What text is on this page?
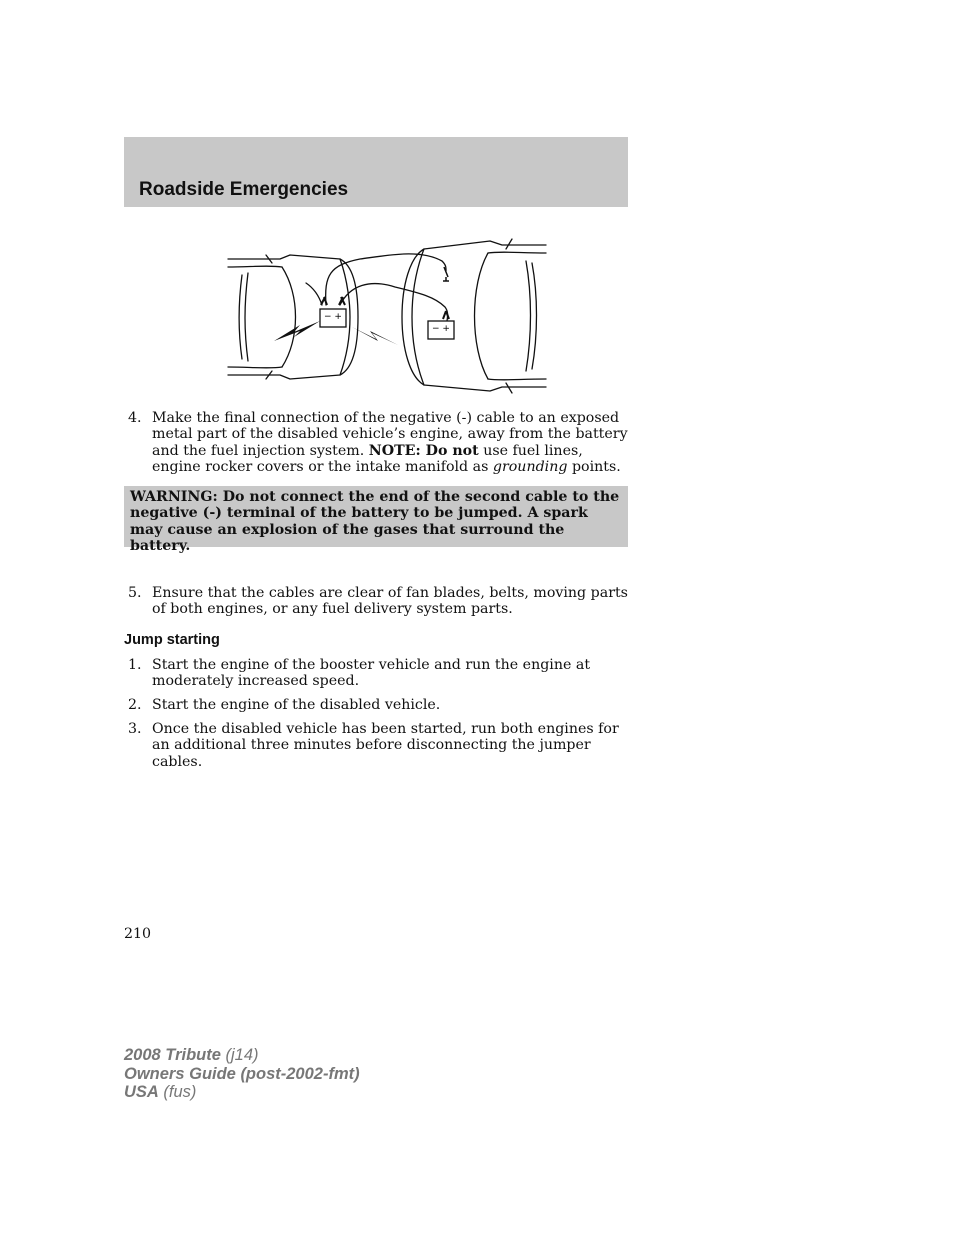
Roadside Emergencies
− +
− +
4. Make the final connection of the negative (-) cable to an exposed metal part of the disabled vehicle’s engine, away from the battery and the fuel injection system. NOTE: Do not use fuel lines, engine rocker covers or the intake manifold as grounding points.
WARNING: Do not connect the end of the second cable to the negative (-) terminal of the battery to be jumped. A spark may cause an explosion of the gases that surround the battery.
5. Ensure that the cables are clear of fan blades, belts, moving parts of both engines, or any fuel delivery system parts.
Jump starting
1. Start the engine of the booster vehicle and run the engine at moderately increased speed.
2. Start the engine of the disabled vehicle.
3. Once the disabled vehicle has been started, run both engines for an additional three minutes before disconnecting the jumper cables.
210
2008 Tribute (j14)
Owners Guide (post-2002-fmt)
USA (fus)
